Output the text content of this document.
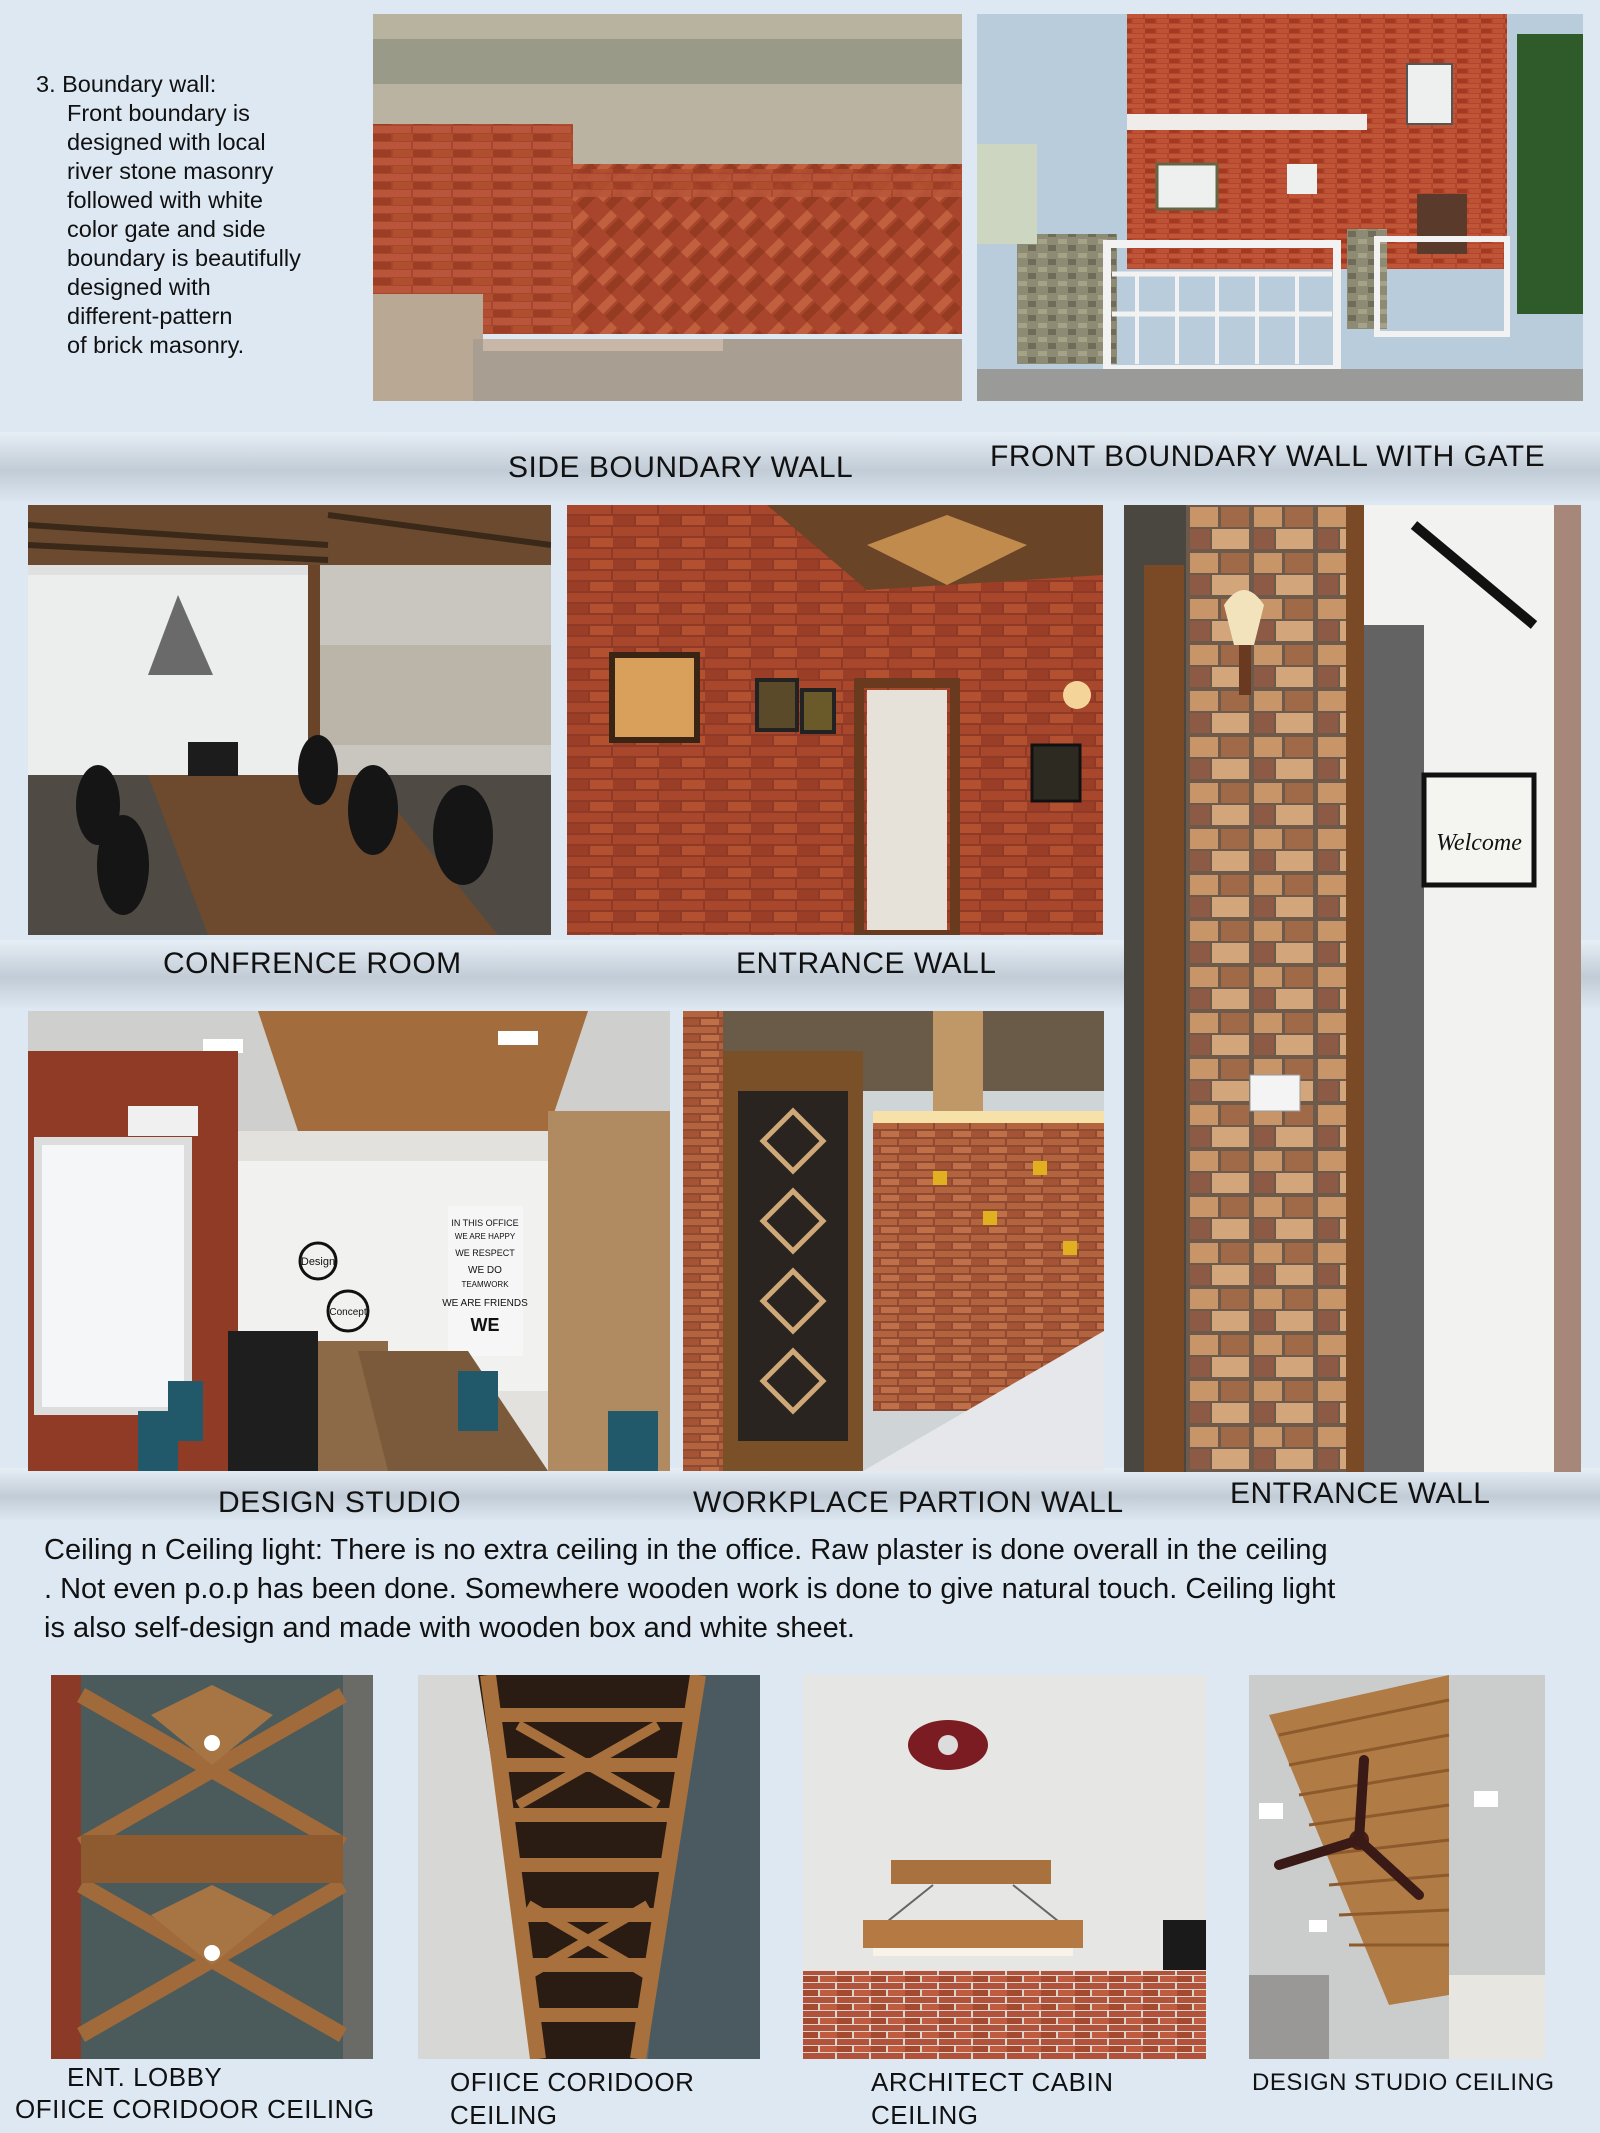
3. Boundary wall:
Front boundary is
designed with local
river stone masonry
followed with white
color gate and side
boundary is beautifully
designed with
different-pattern
of brick masonry.
SIDE BOUNDARY WALL	FRONT BOUNDARY WALL WITH GATE
CONFRENCE ROOM	ENTRANCE WALL
Welcome
Design
Concept
IN THIS OFFICE
WE ARE HAPPY
WE RESPECT
WE DO
TEAMWORK
WE ARE FRIENDS
WE
DESIGN STUDIO	WORKPLACE PARTION WALL	ENTRANCE WALL
Ceiling n Ceiling light: There is no extra ceiling in the office. Raw plaster is done overall in the ceiling
. Not even p.o.p has been done. Somewhere wooden work is done to give natural touch. Ceiling light
is also self-design and made with wooden box and white sheet.
ENT. LOBBY
OFIICE CORIDOOR CEILING
OFIICE CORIDOOR
CEILING
ARCHITECT CABIN
CEILING
DESIGN STUDIO CEILING
